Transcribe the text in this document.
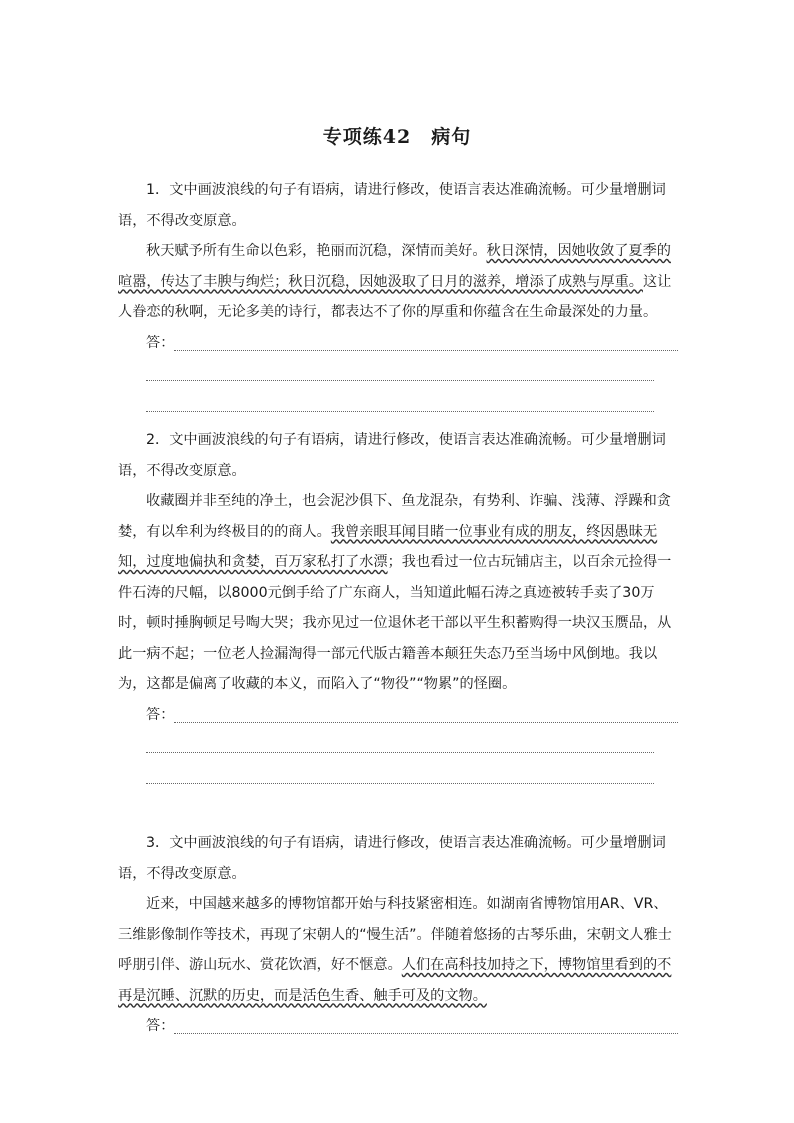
专项练42　病句

1．文中画波浪线的句子有语病，请进行修改，使语言表达准确流畅。可少量增删词语，不得改变原意。

秋天赋予所有生命以色彩，艳丽而沉稳，深情而美好。秋日深情，因她收敛了夏季的喧嚣，传达了丰腴与绚烂；秋日沉稳，因她汲取了日月的滋养，增添了成熟与厚重。这让人眷恋的秋啊，无论多美的诗行，都表达不了你的厚重和你蕴含在生命最深处的力量。

答：

2．文中画波浪线的句子有语病，请进行修改，使语言表达准确流畅。可少量增删词语，不得改变原意。

收藏圈并非至纯的净土，也会泥沙俱下、鱼龙混杂，有势利、诈骗、浅薄、浮躁和贪婪，有以牟利为终极目的的商人。我曾亲眼耳闻目睹一位事业有成的朋友，终因愚昧无知，过度地偏执和贪婪，百万家私打了水漂；我也看过一位古玩铺店主，以百余元捡得一件石涛的尺幅，以8000元倒手给了广东商人，当知道此幅石涛之真迹被转手卖了30万时，顿时捶胸顿足号啕大哭；我亦见过一位退休老干部以平生积蓄购得一块汉玉赝品，从此一病不起；一位老人捡漏淘得一部元代版古籍善本颠狂失态乃至当场中风倒地。我以为，这都是偏离了收藏的本义，而陷入了“物役”“物累”的怪圈。

答：

3．文中画波浪线的句子有语病，请进行修改，使语言表达准确流畅。可少量增删词语，不得改变原意。

近来，中国越来越多的博物馆都开始与科技紧密相连。如湖南省博物馆用AR、VR、三维影像制作等技术，再现了宋朝人的“慢生活”。伴随着悠扬的古琴乐曲，宋朝文人雅士呼朋引伴、游山玩水、赏花饮酒，好不惬意。人们在高科技加持之下，博物馆里看到的不再是沉睡、沉默的历史，而是活色生香、触手可及的文物。

答：
